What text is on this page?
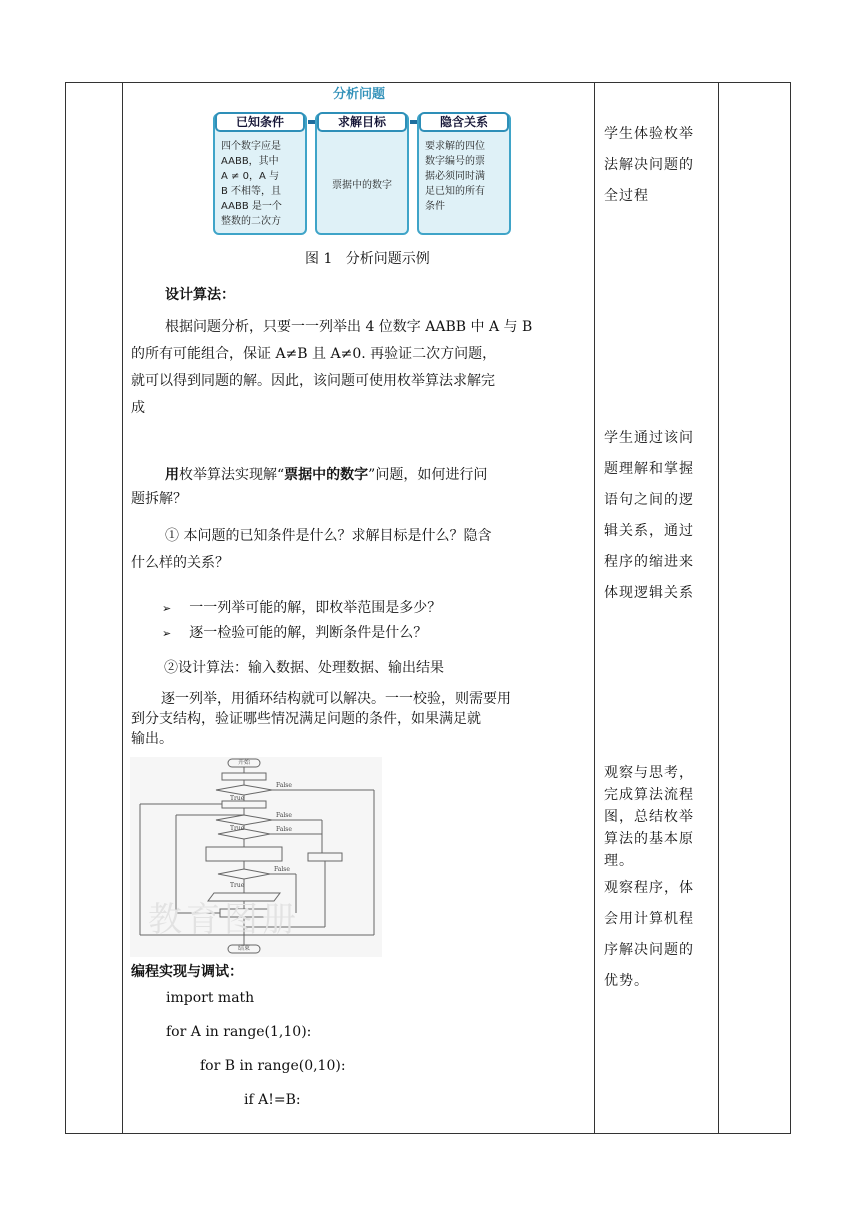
分析问题
已知条件
四个数字应是
AABB，其中
A ≠ 0，A 与
B 不相等，且
AABB 是一个
整数的二次方
求解目标
票据中的数字
隐含关系
要求解的四位
数字编号的票
据必须同时满
足已知的所有
条件
图 1   分析问题示例
设计算法：
根据问题分析，只要一一列举出 4 位数字 AABB 中 A 与 B
的所有可能组合，保证 A≠B 且 A≠0. 再验证二次方问题，
就可以得到同题的解。因此，该问题可使用枚举算法求解完
成
用枚举算法实现解“票据中的数字”问题，如何进行问
题拆解？
① 本问题的已知条件是什么？求解目标是什么？隐含
什么样的关系？
➢ 一一列举可能的解，即枚举范围是多少？
➢ 逐一检验可能的解，判断条件是什么？
②设计算法：输入数据、处理数据、输出结果
逐一列举，用循环结构就可以解决。一一校验，则需要用
到分支结构，验证哪些情况满足问题的条件，如果满足就
输出。
开始
结束
False
False
False
False
True
True
True
教育图册
编程实现与调试：
import math
for A in range(1,10):
for B in range(0,10):
if A!=B:
学生体验枚举
法解决问题的
全过程
学生通过该问
题理解和掌握
语句之间的逻
辑关系，通过
程序的缩进来
体现逻辑关系
观察与思考，
完成算法流程
图，总结枚举
算法的基本原
理。
观察程序，体
会用计算机程
序解决问题的
优势。
